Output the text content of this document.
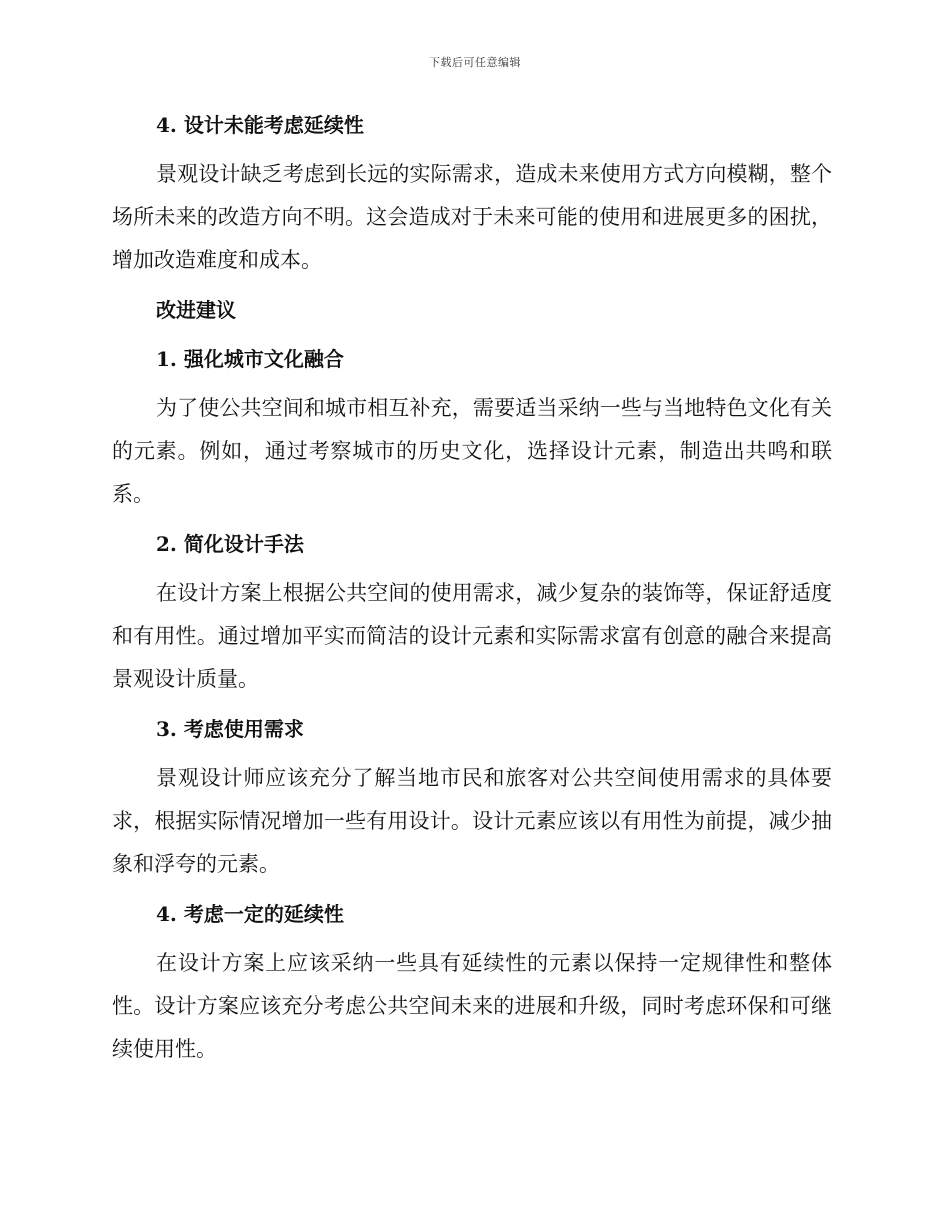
下载后可任意编辑
4. 设计未能考虑延续性

景观设计缺乏考虑到长远的实际需求，造成未来使用方式方向模糊，整个场所未来的改造方向不明。这会造成对于未来可能的使用和进展更多的困扰，增加改造难度和成本。

改进建议
1. 强化城市文化融合

为了使公共空间和城市相互补充，需要适当采纳一些与当地特色文化有关的元素。例如，通过考察城市的历史文化，选择设计元素，制造出共鸣和联系。

2. 简化设计手法

在设计方案上根据公共空间的使用需求，减少复杂的装饰等，保证舒适度和有用性。通过增加平实而简洁的设计元素和实际需求富有创意的融合来提高景观设计质量。

3. 考虑使用需求

景观设计师应该充分了解当地市民和旅客对公共空间使用需求的具体要求，根据实际情况增加一些有用设计。设计元素应该以有用性为前提，减少抽象和浮夸的元素。

4. 考虑一定的延续性

在设计方案上应该采纳一些具有延续性的元素以保持一定规律性和整体性。设计方案应该充分考虑公共空间未来的进展和升级，同时考虑环保和可继续使用性。
